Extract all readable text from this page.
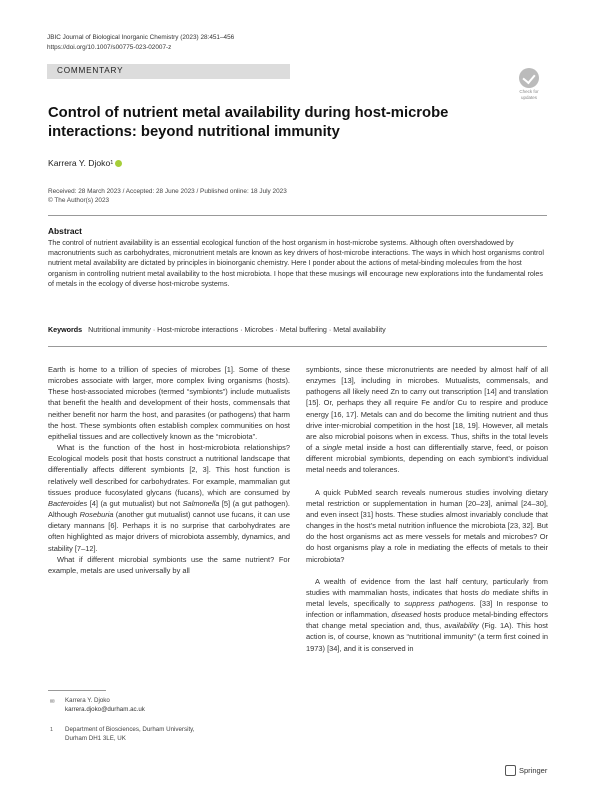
JBIC Journal of Biological Inorganic Chemistry (2023) 28:451–456
https://doi.org/10.1007/s00775-023-02007-z
COMMENTARY
Check for
updates
Control of nutrient metal availability during host-microbe interactions: beyond nutritional immunity
Karrera Y. Djoko 1
Received: 28 March 2023 / Accepted: 28 June 2023 / Published online: 18 July 2023
© The Author(s) 2023
Abstract

The control of nutrient availability is an essential ecological function of the host organism in host-microbe systems. Although often overshadowed by macronutrients such as carbohydrates, micronutrient metals are known as key drivers of host-microbe interactions. The ways in which host organisms control nutrient metal availability are dictated by principles in bioinorganic chemistry. Here I ponder about the actions of metal-binding molecules from the host organism in controlling nutrient metal availability to the host microbiota. I hope that these musings will encourage new explorations into the fundamental roles of metals in the ecology of diverse host-microbe systems.

Keywords Nutritional immunity · Host-microbe interactions · Microbes · Metal buffering · Metal availability

Earth is home to a trillion of species of microbes [1]. Some of these microbes associate with larger, more complex living organisms (hosts). These host-associated microbes (termed “symbionts”) include mutualists that benefit the health and development of their hosts, commensals that neither benefit nor harm the host, and parasites (or pathogens) that harm the host. These symbionts often establish complex communities on host epithelial tissues and are collectively known as the “microbiota”.

What is the function of the host in host-microbiota relationships? Ecological models posit that hosts construct a nutritional landscape that differentially affects different symbionts [2, 3]. This host function is relatively well described for carbohydrates. For example, mammalian gut tissues produce fucosylated glycans (fucans), which are consumed by Bacteroides [4] (a gut mutualist) but not Salmonella [5] (a gut pathogen). Although Roseburia (another gut mutualist) cannot use fucans, it can use dietary mannans [6]. Perhaps it is no surprise that carbohydrates are often highlighted as major drivers of microbiota assembly, dynamics, and stability [7–12].

What if different microbial symbionts use the same nutrient? For example, metals are used universally by all

symbionts, since these micronutrients are needed by almost half of all enzymes [13], including in microbes. Mutualists, commensals, and pathogens all likely need Zn to carry out transcription [14] and translation [15]. Or, perhaps they all require Fe and/or Cu to respire and produce energy [16, 17]. Metals can and do become the limiting nutrient and thus drive inter-microbial competition in the host [18, 19]. However, all metals are also microbial poisons when in excess. Thus, shifts in the total levels of a single metal inside a host can differentially starve, feed, or poison different microbial symbionts, depending on each symbiont’s individual metal needs and tolerances.

A quick PubMed search reveals numerous studies involving dietary metal restriction or supplementation in human [20–23], animal [24–30], and even insect [31] hosts. These studies almost invariably conclude that changes in the host’s metal nutrition influence the microbiota [23, 32]. But do the host organisms act as mere vessels for metals and microbes? Or do host organisms play a role in mediating the effects of metals to their microbiota?

A wealth of evidence from the last half century, particularly from studies with mammalian hosts, indicates that hosts do mediate shifts in metal levels, specifically to suppress pathogens. [33] In response to infection or inflammation, diseased hosts produce metal-binding effectors that change metal speciation and, thus, availability (Fig. 1A). This host action is, of course, known as “nutritional immunity” (a term first coined in 1973) [34], and it is conserved in

✉ Karrera Y. Djoko
karrera.djoko@durham.ac.uk
1 Department of Biosciences, Durham University,
Durham DH1 3LE, UK
Springer
